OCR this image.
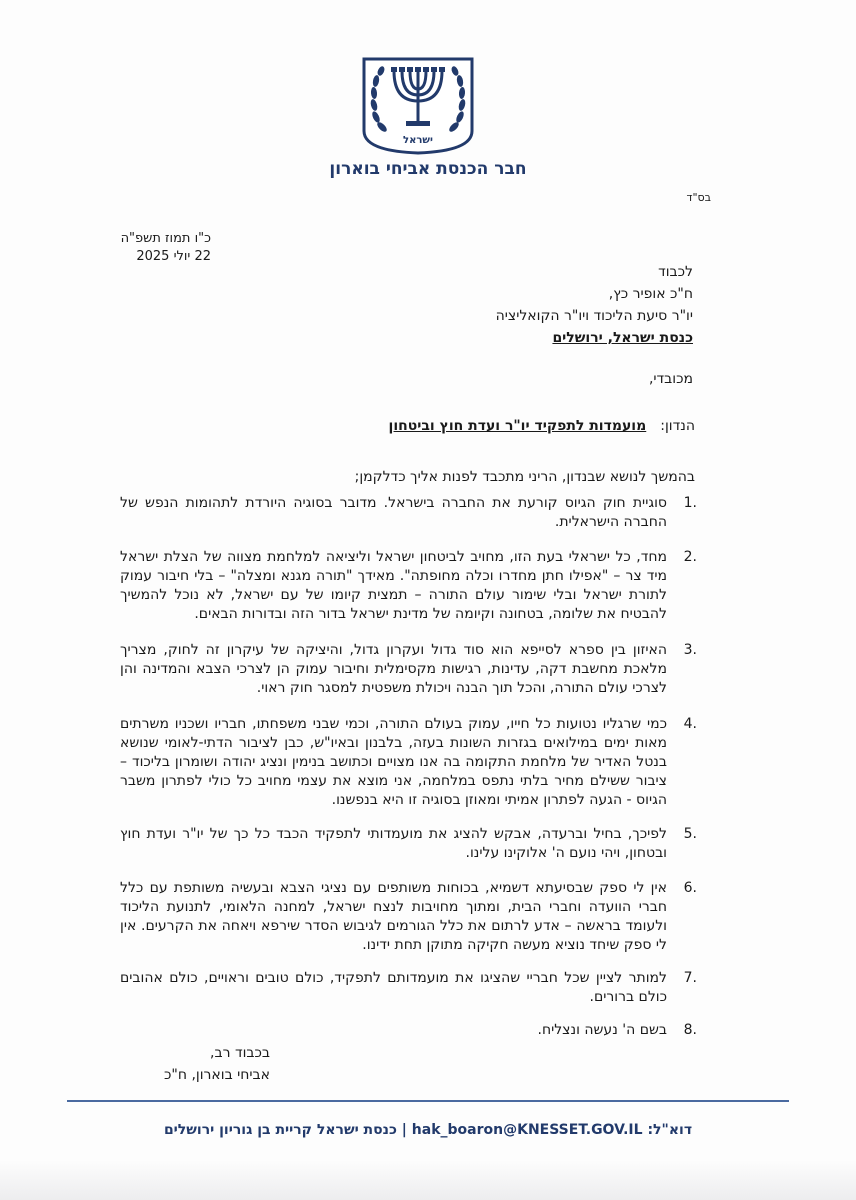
ישראל
חבר הכנסת אביחי בוארון
בס"ד
כ"ו תמוז תשפ"ה
22 יולי 2025
לכבוד
ח"כ אופיר כץ,
יו"ר סיעת הליכוד ויו"ר הקואליציה
כנסת ישראל, ירושלים
מכובדי,
הנדון:מועמדות לתפקיד יו"ר ועדת חוץ וביטחון
בהמשך לנושא שבנדון, הריני מתכבד לפנות אליך כדלקמן;
.1
סוגיית חוק הגיוס קורעת את החברה בישראל. מדובר בסוגיה היורדת לתהומות הנפש של החברה הישראלית.
.2
מחד, כל ישראלי בעת הזו, מחויב לביטחון ישראל וליציאה למלחמת מצווה של הצלת ישראל מיד צר – "אפילו חתן מחדרו וכלה מחופתה". מאידך "תורה מגנא ומצלה" – בלי חיבור עמוק לתורת ישראל ובלי שימור עולם התורה – תמצית קיומו של עם ישראל, לא נוכל להמשיך להבטיח את שלומה, בטחונה וקיומה של מדינת ישראל בדור הזה ובדורות הבאים.
.3
האיזון בין ספרא לסייפא הוא סוד גדול ועקרון גדול, והיציקה של עיקרון זה לחוק, מצריך מלאכת מחשבת דקה, עדינות, רגישות מקסימלית וחיבור עמוק הן לצרכי הצבא והמדינה והן לצרכי עולם התורה, והכל תוך הבנה ויכולת משפטית למסגר חוק ראוי.
.4
כמי שרגליו נטועות כל חייו, עמוק בעולם התורה, וכמי שבני משפחתו, חבריו ושכניו משרתים מאות ימים במילואים בגזרות השונות בעזה, בלבנון ובאיו"ש, כבן לציבור הדתי-לאומי שנושא בנטל האדיר של מלחמת התקומה בה אנו מצויים וכתושב בנימין ונציג יהודה ושומרון בליכוד – ציבור ששילם מחיר בלתי נתפס במלחמה, אני מוצא את עצמי מחויב כל כולי לפתרון משבר הגיוס - הגעה לפתרון אמיתי ומאוזן בסוגיה זו היא בנפשנו.
.5
לפיכך, בחיל וברעדה, אבקש להציג את מועמדותי לתפקיד הכבד כל כך של יו"ר ועדת חוץ ובטחון, ויהי נועם ה' אלוקינו עלינו.
.6
אין לי ספק שבסיעתא דשמיא, בכוחות משותפים עם נציגי הצבא ובעשיה משותפת עם כלל חברי הוועדה וחברי הבית, ומתוך מחויבות לנצח ישראל, למחנה הלאומי, לתנועת הליכוד ולעומד בראשה – אדע לרתום את כלל הגורמים לגיבוש הסדר שירפא ויאחה את הקרעים. אין לי ספק שיחד נוציא מעשה חקיקה מתוקן תחת ידינו.
.7
למותר לציין שכל חבריי שהציגו את מועמדותם לתפקיד, כולם טובים וראויים, כולם אהובים כולם ברורים.
.8
בשם ה' נעשה ונצליח.
בכבוד רב,
אביחי בוארון, ח"כ
דוא"ל: hak_boaron@KNESSET.GOV.IL | כנסת ישראל קריית בן גוריון ירושלים
